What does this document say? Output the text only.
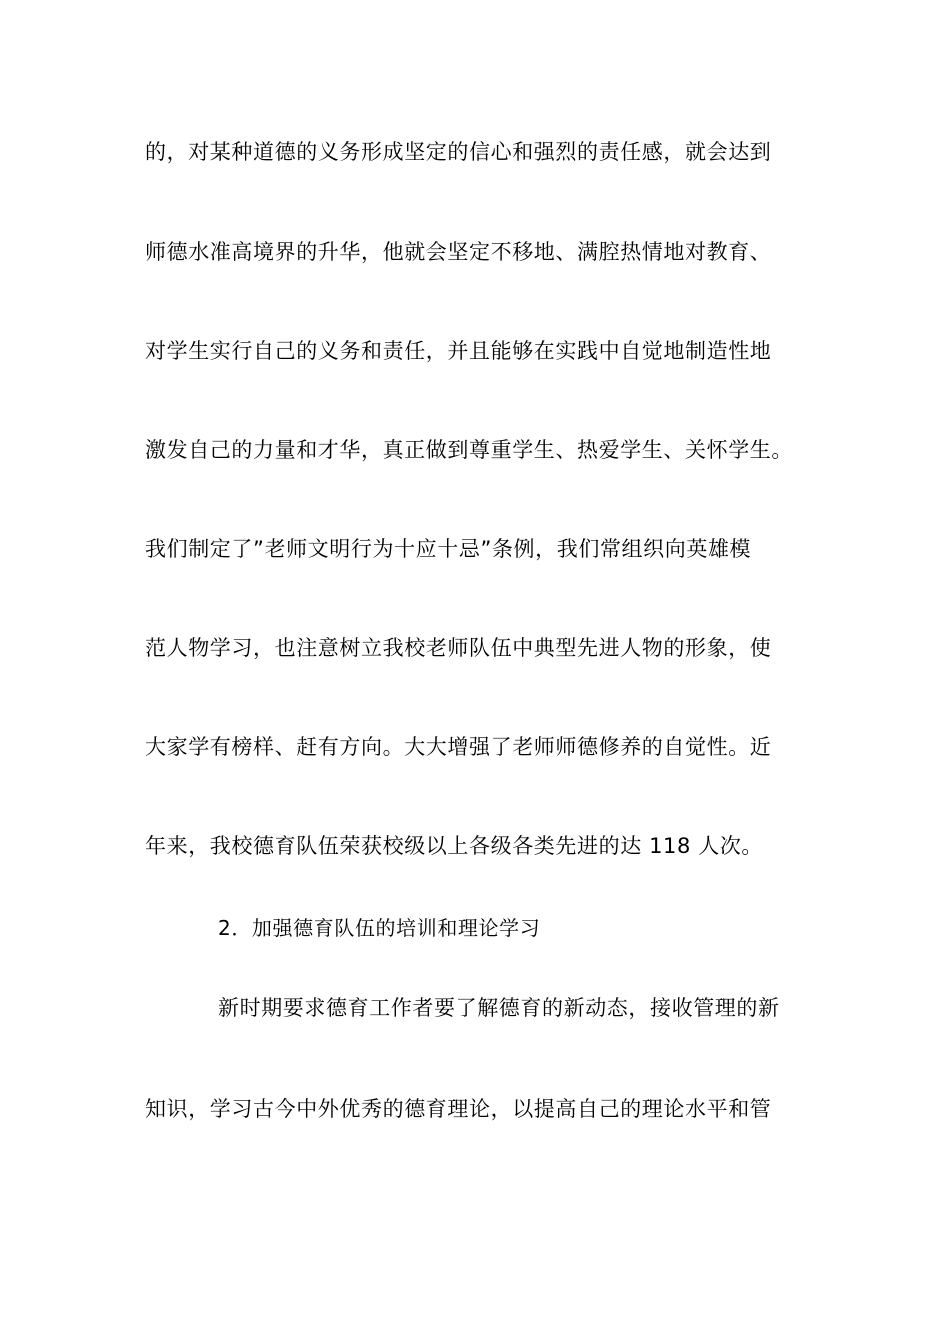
的，对某种道德的义务形成坚定的信心和强烈的责任感，就会达到
师德水准高境界的升华，他就会坚定不移地、满腔热情地对教育、
对学生实行自己的义务和责任，并且能够在实践中自觉地制造性地
激发自己的力量和才华，真正做到尊重学生、热爱学生、关怀学生。
我们制定了”老师文明行为十应十忌”条例，我们常组织向英雄模
范人物学习，也注意树立我校老师队伍中典型先进人物的形象，使
大家学有榜样、赶有方向。大大增强了老师师德修养的自觉性。近
年来，我校德育队伍荣获校级以上各级各类先进的达 118 人次。
2．加强德育队伍的培训和理论学习
新时期要求德育工作者要了解德育的新动态，接收管理的新
知识，学习古今中外优秀的德育理论，以提高自己的理论水平和管
